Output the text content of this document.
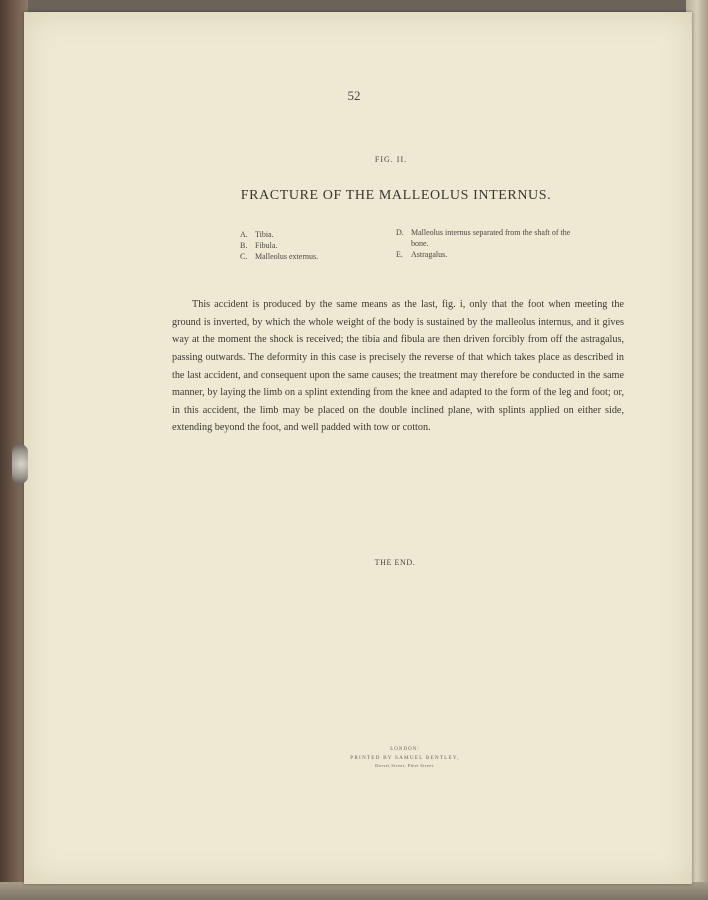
52
FIG. II.
FRACTURE OF THE MALLEOLUS INTERNUS.
A. Tibia.
B. Fibula.
C. Malleolus externus.
D. Malleolus internus separated from the shaft of the bone.
E.	Astragalus.

This accident is produced by the same means as the last, fig. i, only that the foot when meeting the ground is inverted, by which the whole weight of the body is sustained by the malleolus internus, and it gives way at the moment the shock is received; the tibia and fibula are then driven forcibly from off the astragalus, passing outwards. The deformity in this case is precisely the reverse of that which takes place as described in the last accident, and consequent upon the same causes; the treatment may therefore be conducted in the same manner, by laying the limb on a splint extending from the knee and adapted to the form of the leg and foot; or, in this accident, the limb may be placed on the double inclined plane, with splints applied on either side, extending beyond the foot, and well padded with tow or cotton.

THE END.
LONDON:
PRINTED BY SAMUEL BENTLEY,
Dorset Street, Fleet Street.
